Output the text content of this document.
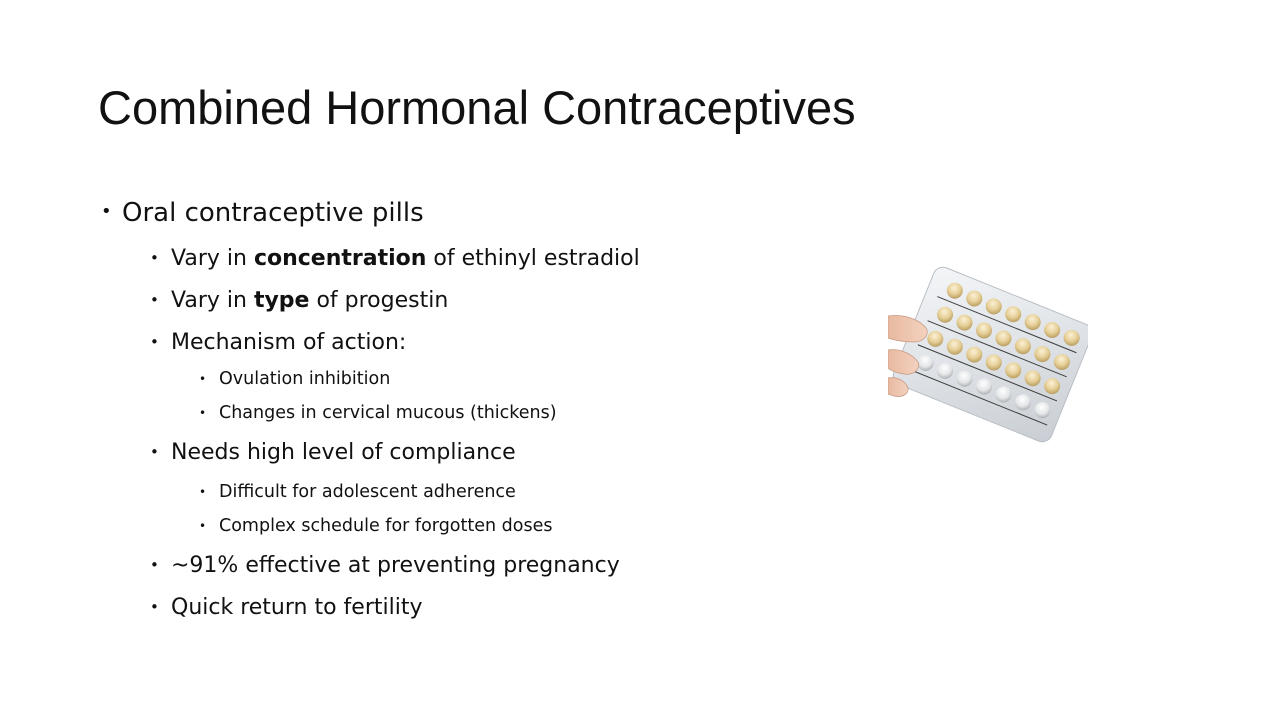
Combined Hormonal Contraceptives
• Oral contraceptive pills
• Vary in concentration of ethinyl estradiol
• Vary in type of progestin
• Mechanism of action:
• Ovulation inhibition
• Changes in cervical mucous (thickens)
• Needs high level of compliance
• Difficult for adolescent adherence
• Complex schedule for forgotten doses
• ~91% effective at preventing pregnancy
• Quick return to fertility
